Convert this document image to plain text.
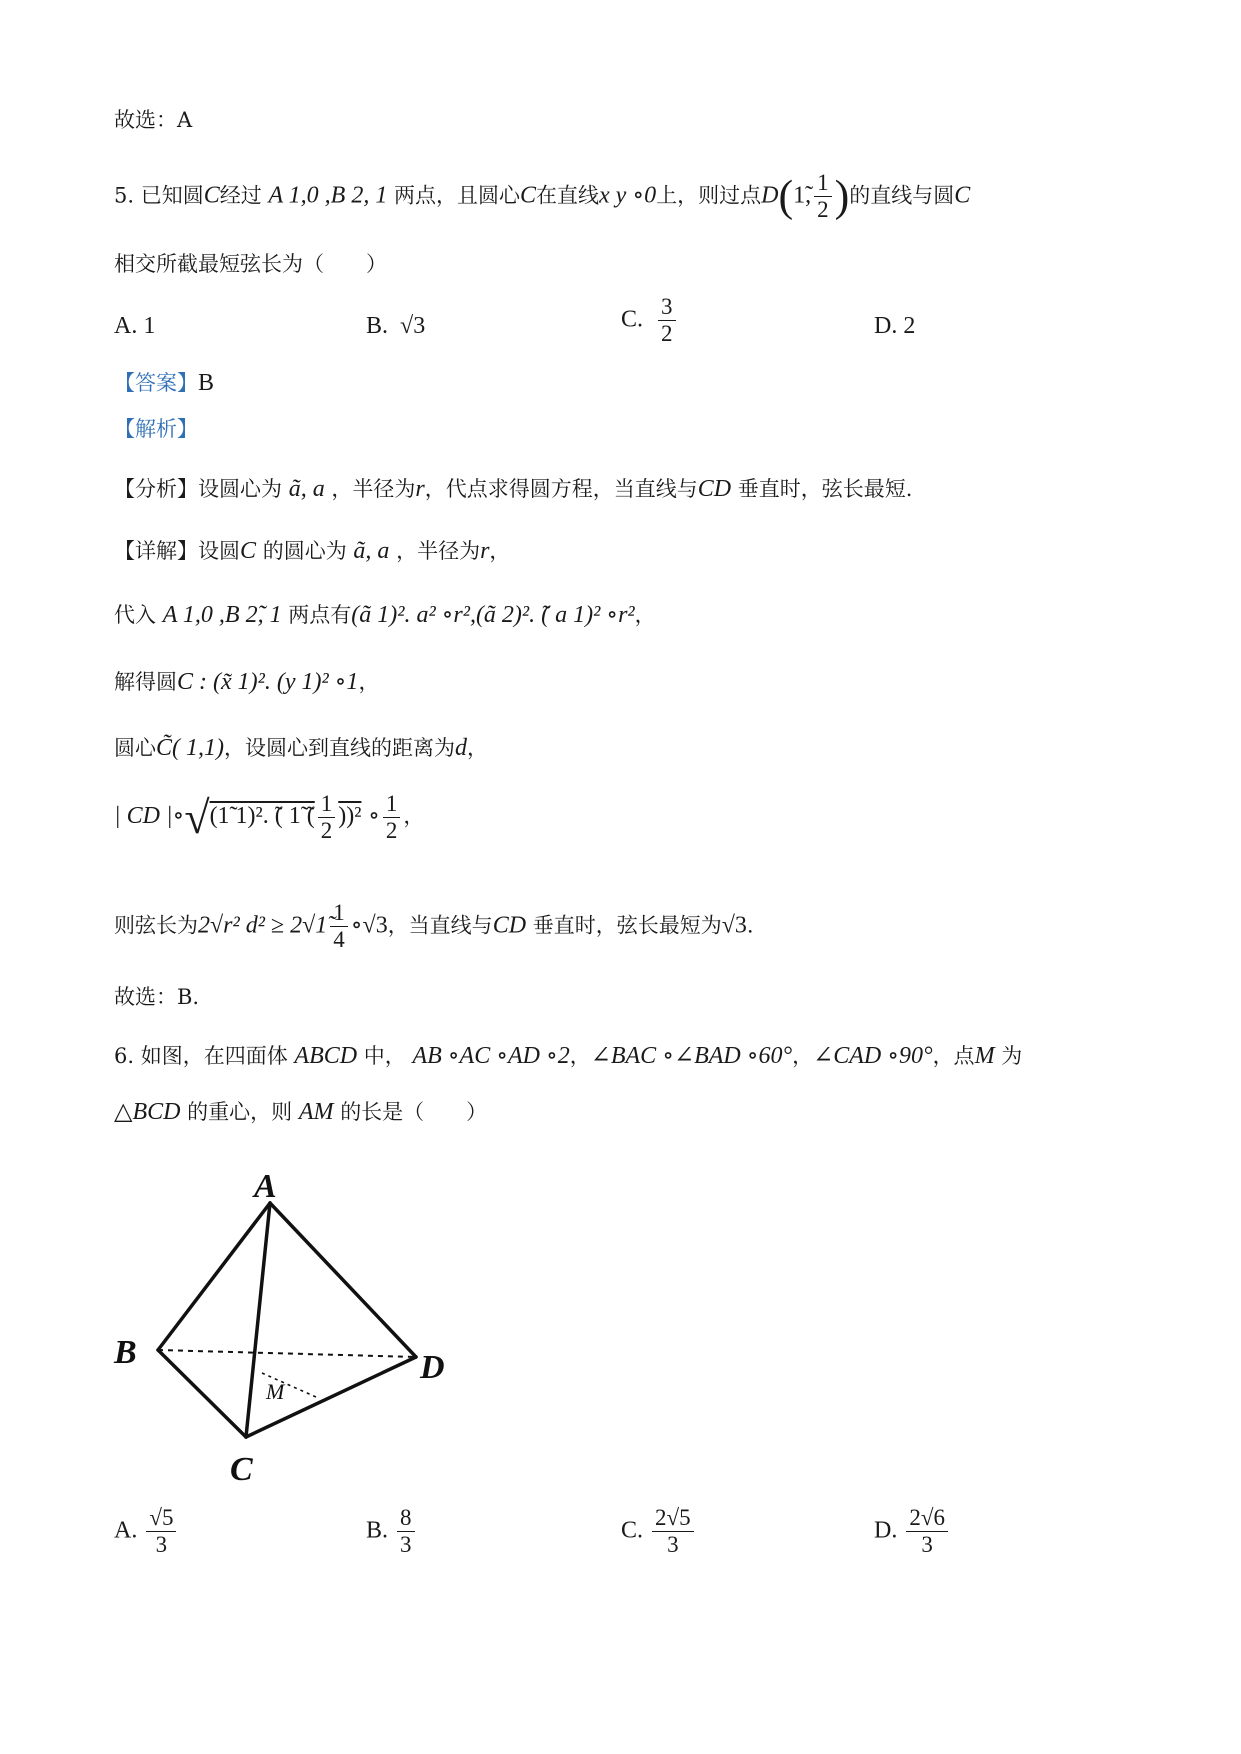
故选：A
5. 已知圆C经过 A 1,0 ,B 2, 1 两点，且圆心C在直线x y ∘0上，则过点D(1̃, $\frac{1}{2}$ )的直线与圆C
相交所截最短弦长为（　　）
A. 1	B. √3	C. $\frac{3}{2}$	D. 2
【答案】B
【解析】
【分析】设圆心为 ã, a ，半径为r，代点求得圆方程，当直线与CD 垂直时，弦长最短.
【详解】设圆C 的圆心为 ã, a ，半径为r，
代入 A 1,0 ,B 2̃, 1 两点有(ã 1)². a² ∘r²,(ã 2)². ̃( a 1)² ∘r²，
解得圆C : (x̃ 1)². (y 1)² ∘1，
圆心C̃( 1,1)，设圆心到直线的距离为d，
| CD |∘√(1̃ 1)². ̃( 1̃ ̃( $\frac{1}{2} ))^2$ ∘ $\frac{1}{2}$ ，
则弦长为2√r² d² ≥ 2√1̃ $\frac{1}{4}$ ∘√3，当直线与CD 垂直时，弦长最短为√3.
故选：B.
6. 如图，在四面体 ABCD 中， AB ∘AC ∘AD ∘2，∠BAC ∘∠BAD ∘60°，∠CAD ∘90°，点M 为
△BCD 的重心，则 AM 的长是（　　）
A
B	D
C
M
A. $\frac{√5}{3}$	B. $\frac{8}{3}$	C. $\frac{2√5}{3}$	D. $\frac{2√6}{3}$
